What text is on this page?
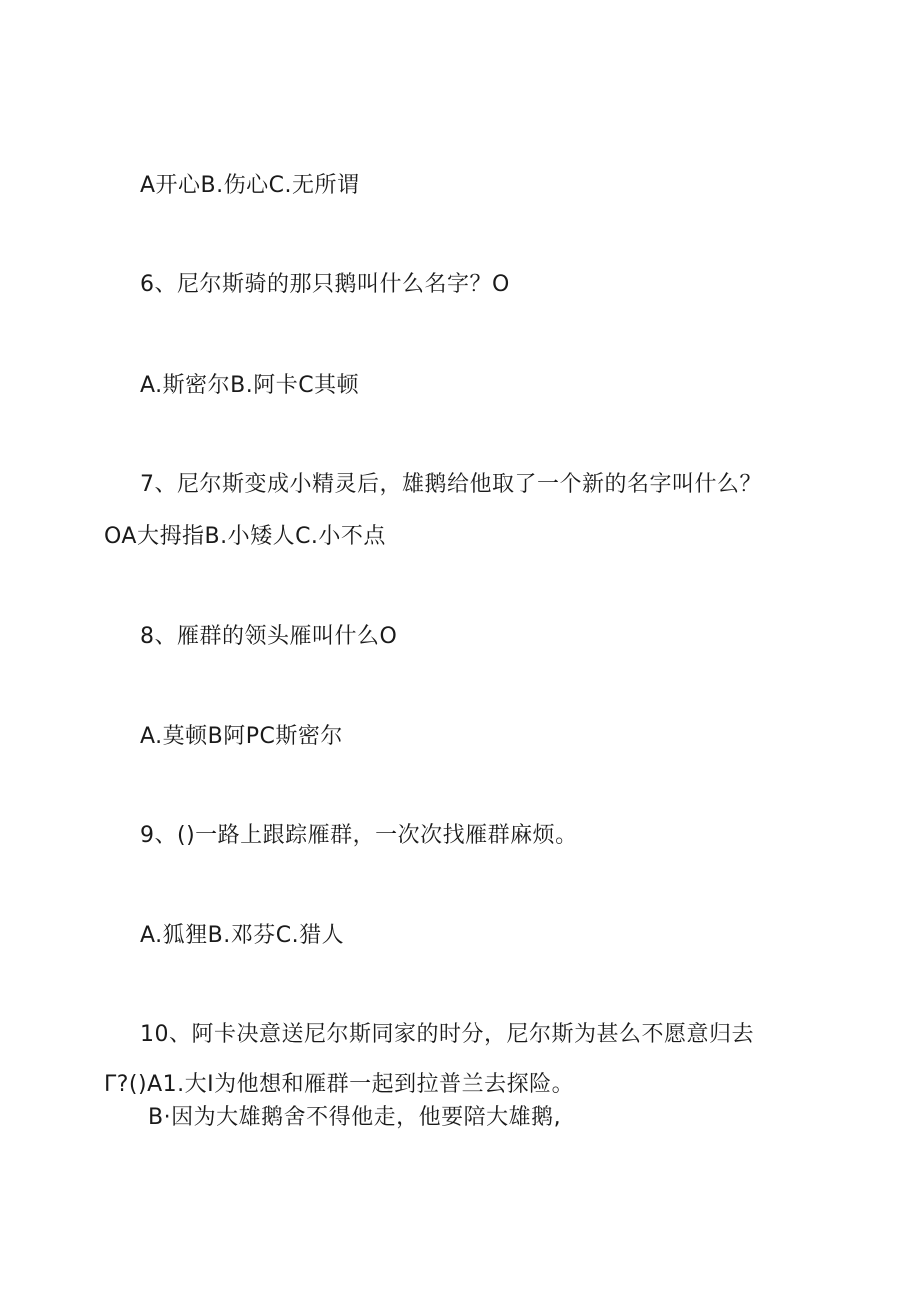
A开心B.伤心C.无所谓
6、尼尔斯骑的那只鹅叫什么名字？O
A.斯密尔B.阿卡C其顿
7、尼尔斯变成小精灵后，雄鹅给他取了一个新的名字叫什么？
OA大拇指B.小矮人C.小不点
8、雁群的领头雁叫什么O
A.莫顿B阿PC斯密尔
9、()一路上跟踪雁群，一次次找雁群麻烦。
A.狐狸B.邓芬C.猎人
10、阿卡决意送尼尔斯同家的时分，尼尔斯为甚么不愿意归去
Γ?()A1.大I为他想和雁群一起到拉普兰去探险。
B·因为大雄鹅舍不得他走，他要陪大雄鹅,
